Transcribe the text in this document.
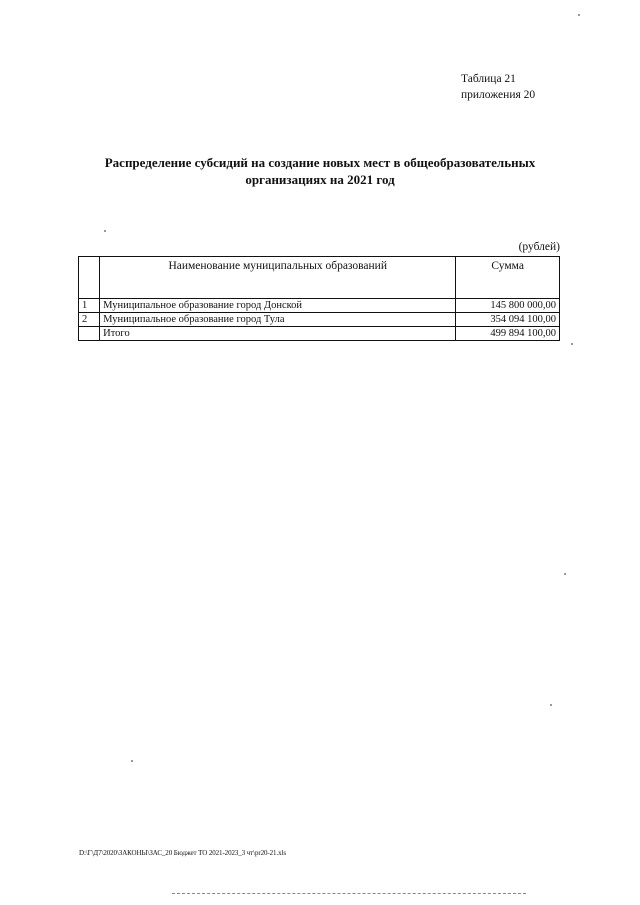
Таблица 21
приложения 20
Распределение субсидий на создание новых мест в общеобразовательных
организациях на 2021 год
(рублей)
	Наименование муниципальных образований	Сумма
1	Муниципальное образование город Донской	145 800 000,00
2	Муниципальное образование город Тула	354 094 100,00
	Итого	499 894 100,00
D:\Г\Д7\2020\ЗАКОНЫ\ЗАС_20 Бюджет ТО 2021-2023_3 чт\pr20-21.xls
